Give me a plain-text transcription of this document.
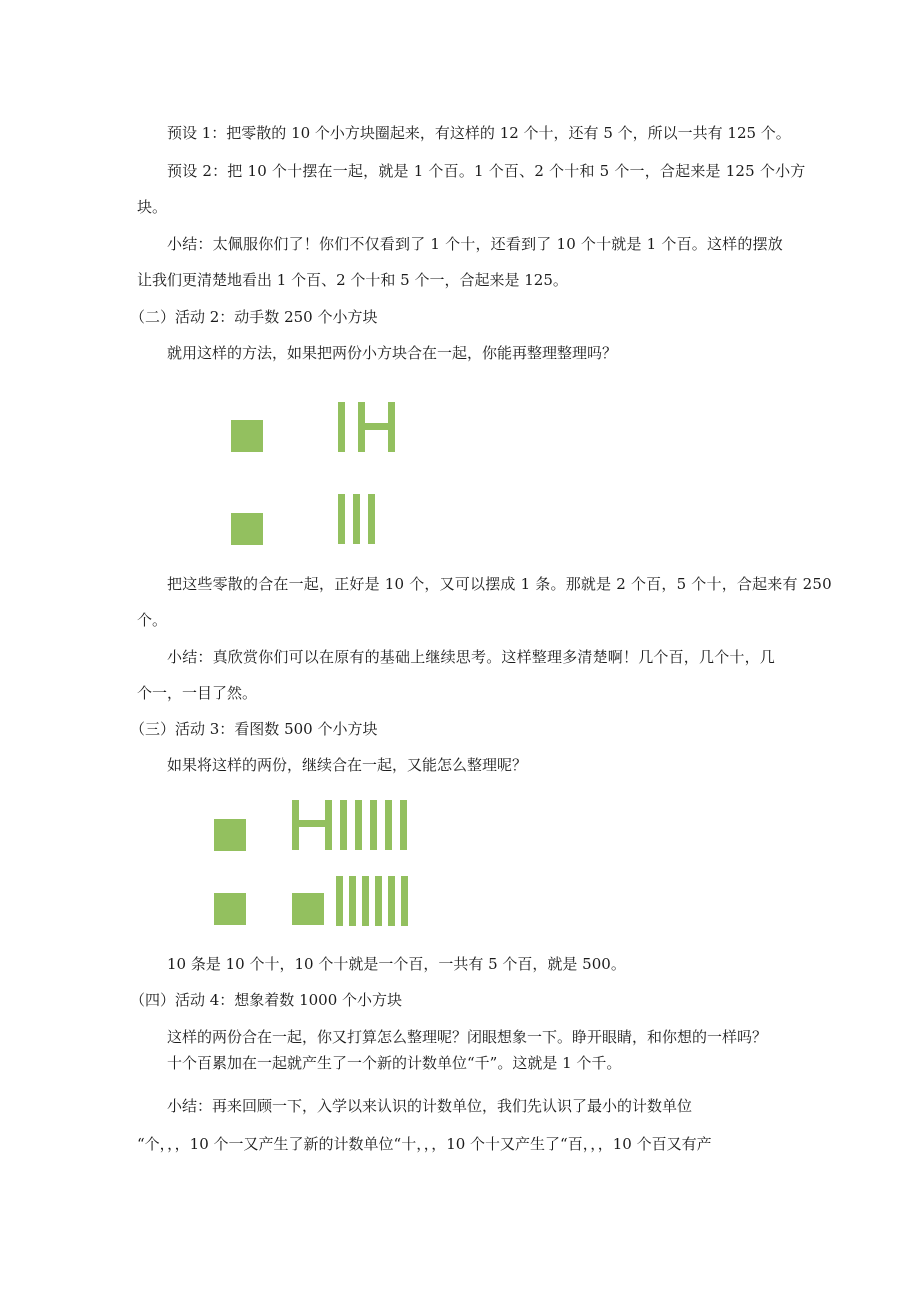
预设 1：把零散的 10 个小方块圈起来，有这样的 12 个十，还有 5 个，所以一共有 125 个。
预设 2：把 10 个十摆在一起，就是 1 个百。1 个百、2 个十和 5 个一，合起来是 125 个小方
块。
小结：太佩服你们了！你们不仅看到了 1 个十，还看到了 10 个十就是 1 个百。这样的摆放
让我们更清楚地看出 1 个百、2 个十和 5 个一，合起来是 125。
（二）活动 2：动手数 250 个小方块
就用这样的方法，如果把两份小方块合在一起，你能再整理整理吗？
把这些零散的合在一起，正好是 10 个，又可以摆成 1 条。那就是 2 个百，5 个十，合起来有 250
个。
小结：真欣赏你们可以在原有的基础上继续思考。这样整理多清楚啊！几个百，几个十，几
个一，一目了然。
（三）活动 3：看图数 500 个小方块
如果将这样的两份，继续合在一起，又能怎么整理呢？
10 条是 10 个十，10 个十就是一个百，一共有 5 个百，就是 500。
（四）活动 4：想象着数 1000 个小方块
这样的两份合在一起，你又打算怎么整理呢？闭眼想象一下。睁开眼睛，和你想的一样吗？
十个百累加在一起就产生了一个新的计数单位“千”。这就是 1 个千。
小结：再来回顾一下，入学以来认识的计数单位，我们先认识了最小的计数单位
“个，，，10 个一又产生了新的计数单位“十，，，10 个十又产生了“百，，，10 个百又有产
